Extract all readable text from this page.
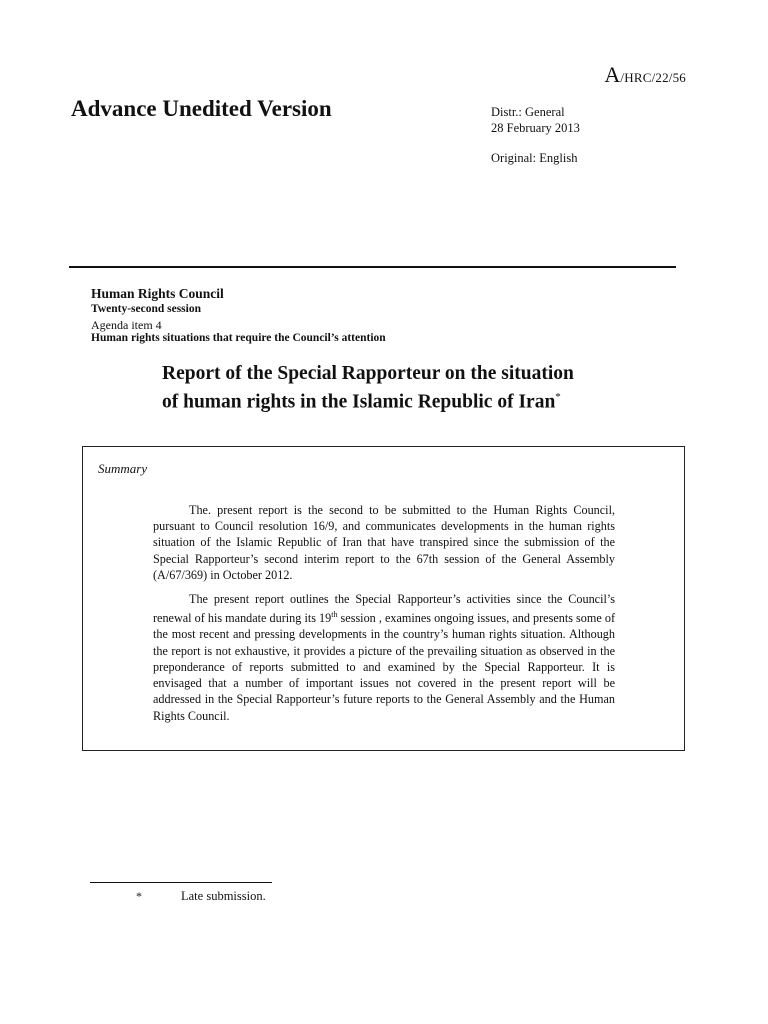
A/HRC/22/56
Advance Unedited Version	Distr.: General
28 February 2013
Original: English
Human Rights Council
Twenty-second session
Agenda item 4
Human rights situations that require the Council’s attention
Report of the Special Rapporteur on the situation of human rights in the Islamic Republic of Iran*
Summary

The. present report is the second to be submitted to the Human Rights Council, pursuant to Council resolution 16/9, and communicates developments in the human rights situation of the Islamic Republic of Iran that have transpired since the submission of the Special Rapporteur’s second interim report to the 67th session of the General Assembly (A/67/369) in October 2012.

The present report outlines the Special Rapporteur’s activities since the Council’s renewal of his mandate during its 19th session , examines ongoing issues, and presents some of the most recent and pressing developments in the country’s human rights situation. Although the report is not exhaustive, it provides a picture of the prevailing situation as observed in the preponderance of reports submitted to and examined by the Special Rapporteur. It is envisaged that a number of important issues not covered in the present report will be addressed in the Special Rapporteur’s future reports to the General Assembly and the Human Rights Council.

*	Late submission.
